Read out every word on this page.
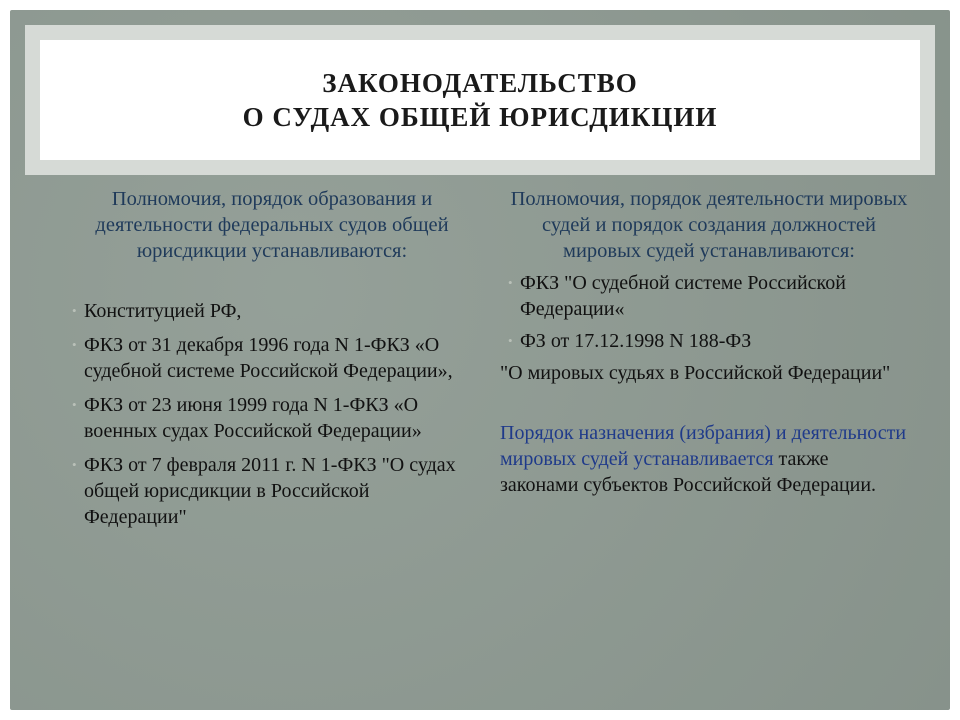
ЗАКОНОДАТЕЛЬСТВО
О СУДАХ ОБЩЕЙ ЮРИСДИКЦИИ
Полномочия, порядок образования и деятельности федеральных судов общей юрисдикции устанавливаются:
• Конституцией РФ,
• ФКЗ от 31 декабря 1996 года N 1-ФКЗ «О судебной системе Российской Федерации»,
• ФКЗ от 23 июня 1999 года N 1-ФКЗ «О военных судах Российской Федерации»
• ФКЗ от 7 февраля 2011 г. N 1-ФКЗ "О судах общей юрисдикции в Российской Федерации"
Полномочия, порядок деятельности мировых судей и порядок создания должностей мировых судей устанавливаются:
• ФКЗ "О судебной системе Российской Федерации«
• ФЗ от 17.12.1998 N 188-ФЗ
"О мировых судьях в Российской Федерации"
Порядок назначения (избрания) и деятельности мировых судей устанавливается также законами субъектов Российской Федерации.
